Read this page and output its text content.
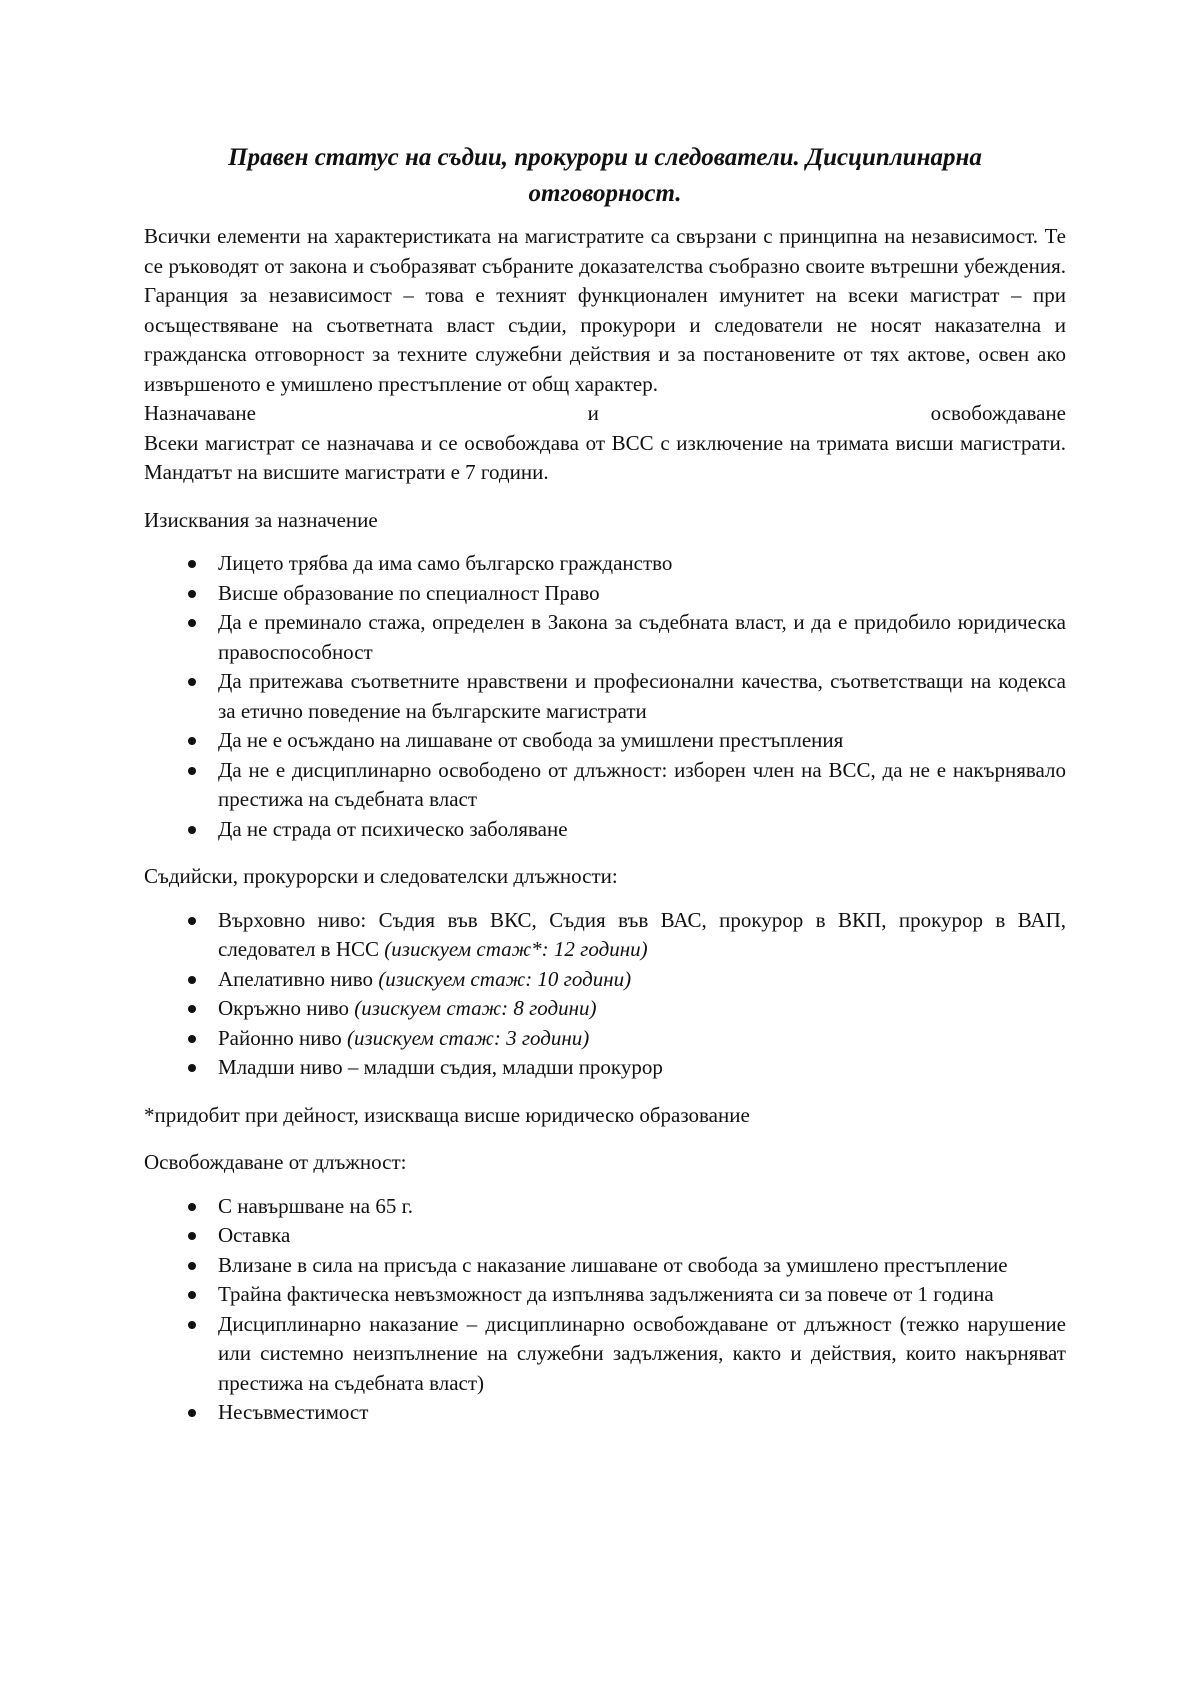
Правен статус на съдии, прокурори и следователи. Дисциплинарна отговорност.

Всички елементи на характеристиката на магистратите са свързани с принципна на независимост. Те се ръководят от закона и съобразяват събраните доказателства съобразно своите вътрешни убеждения. Гаранция за независимост – това е техният функционален имунитет на всеки магистрат – при осъществяване на съответната власт съдии, прокурори и следователи не носят наказателна и гражданска отговорност за техните служебни действия и за постановените от тях актове, освен ако извършеното е умишлено престъпление от общ характер.

Назначаване и освобождаване

Всеки магистрат се назначава и се освобождава от ВСС с изключение на тримата висши магистрати. Мандатът на висшите магистрати е 7 години.

Изисквания за назначение

Лицето трябва да има само българско гражданство
Висше образование по специалност Право
Да е преминало стажа, определен в Закона за съдебната власт, и да е придобило юридическа правоспособност
Да притежава съответните нравствени и професионални качества, съответстващи на кодекса за етично поведение на българските магистрати
Да не е осъждано на лишаване от свобода за умишлени престъпления
Да не е дисциплинарно освободено от длъжност: изборен член на ВСС, да не е накърнявало престижа на съдебната власт
Да не страда от психическо заболяване

Съдийски, прокурорски и следователски длъжности:

Върховно ниво: Съдия във ВКС, Съдия във ВАС, прокурор в ВКП, прокурор в ВАП, следовател в НСС (изискуем стаж*: 12 години)
Апелативно ниво (изискуем стаж: 10 години)
Окръжно ниво (изискуем стаж: 8 години)
Районно ниво (изискуем стаж: 3 години)
Младши ниво – младши съдия, младши прокурор

*придобит при дейност, изискваща висше юридическо образование

Освобождаване от длъжност:

С навършване на 65 г.
Оставка
Влизане в сила на присъда с наказание лишаване от свобода за умишлено престъпление
Трайна фактическа невъзможност да изпълнява задълженията си за повече от 1 година
Дисциплинарно наказание – дисциплинарно освобождаване от длъжност (тежко нарушение или системно неизпълнение на служебни задължения, както и действия, които накърняват престижа на съдебната власт)
Несъвместимост
